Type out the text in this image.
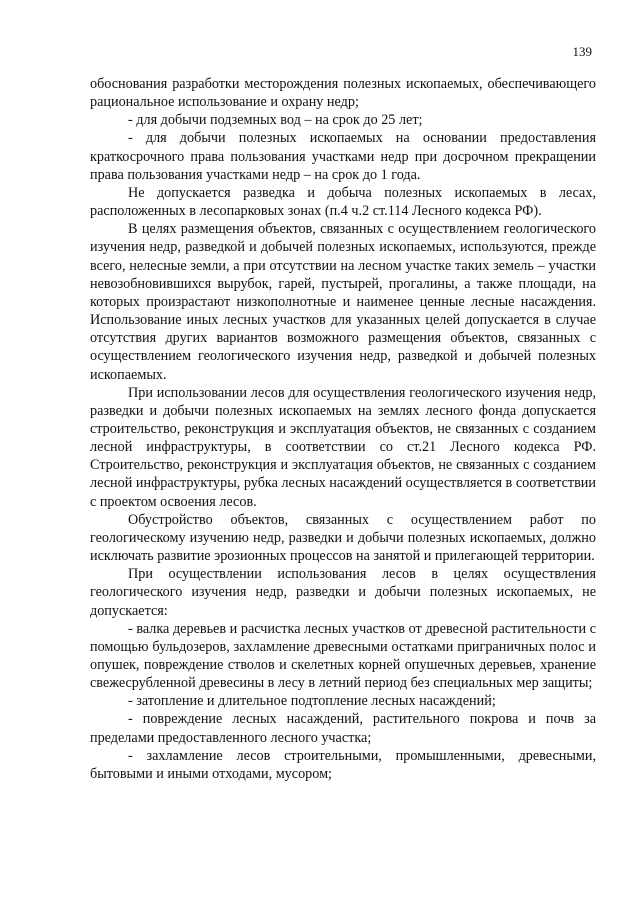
139

обоснования разработки месторождения полезных ископаемых, обеспечивающего рациональное использование и охрану недр;

- для добычи подземных вод – на срок до 25 лет;

- для добычи полезных ископаемых на основании предоставления краткосрочного права пользования участками недр при досрочном прекращении права пользования участками недр – на срок до 1 года.

Не допускается разведка и добыча полезных ископаемых в лесах, расположенных в лесопарковых зонах (п.4 ч.2 ст.114 Лесного кодекса РФ).

В целях размещения объектов, связанных с осуществлением геологического изучения недр, разведкой и добычей полезных ископаемых, используются, прежде всего, нелесные земли, а при отсутствии на лесном участке таких земель – участки невозобновившихся вырубок, гарей, пустырей, прогалины, а также площади, на которых произрастают низкополнотные и наименее ценные лесные насаждения. Использование иных лесных участков для указанных целей допускается в случае отсутствия других вариантов возможного размещения объектов, связанных с осуществлением геологического изучения недр, разведкой и добычей полезных ископаемых.

При использовании лесов для осуществления геологического изучения недр, разведки и добычи полезных ископаемых на землях лесного фонда допускается строительство, реконструкция и эксплуатация объектов, не связанных с созданием лесной инфраструктуры, в соответствии со ст.21 Лесного кодекса РФ. Строительство, реконструкция и эксплуатация объектов, не связанных с созданием лесной инфраструктуры, рубка лесных насаждений осуществляется в соответствии с проектом освоения лесов.

Обустройство объектов, связанных с осуществлением работ по геологическому изучению недр, разведки и добычи полезных ископаемых, должно исключать развитие эрозионных процессов на занятой и прилегающей территории.

При осуществлении использования лесов в целях осуществления геологического изучения недр, разведки и добычи полезных ископаемых, не допускается:

- валка деревьев и расчистка лесных участков от древесной растительности с помощью бульдозеров, захламление древесными остатками приграничных полос и опушек, повреждение стволов и скелетных корней опушечных деревьев, хранение свежесрубленной древесины в лесу в летний период без специальных мер защиты;

- затопление и длительное подтопление лесных насаждений;

- повреждение лесных насаждений, растительного покрова и почв за пределами предоставленного лесного участка;

- захламление лесов строительными, промышленными, древесными, бытовыми и иными отходами, мусором;
